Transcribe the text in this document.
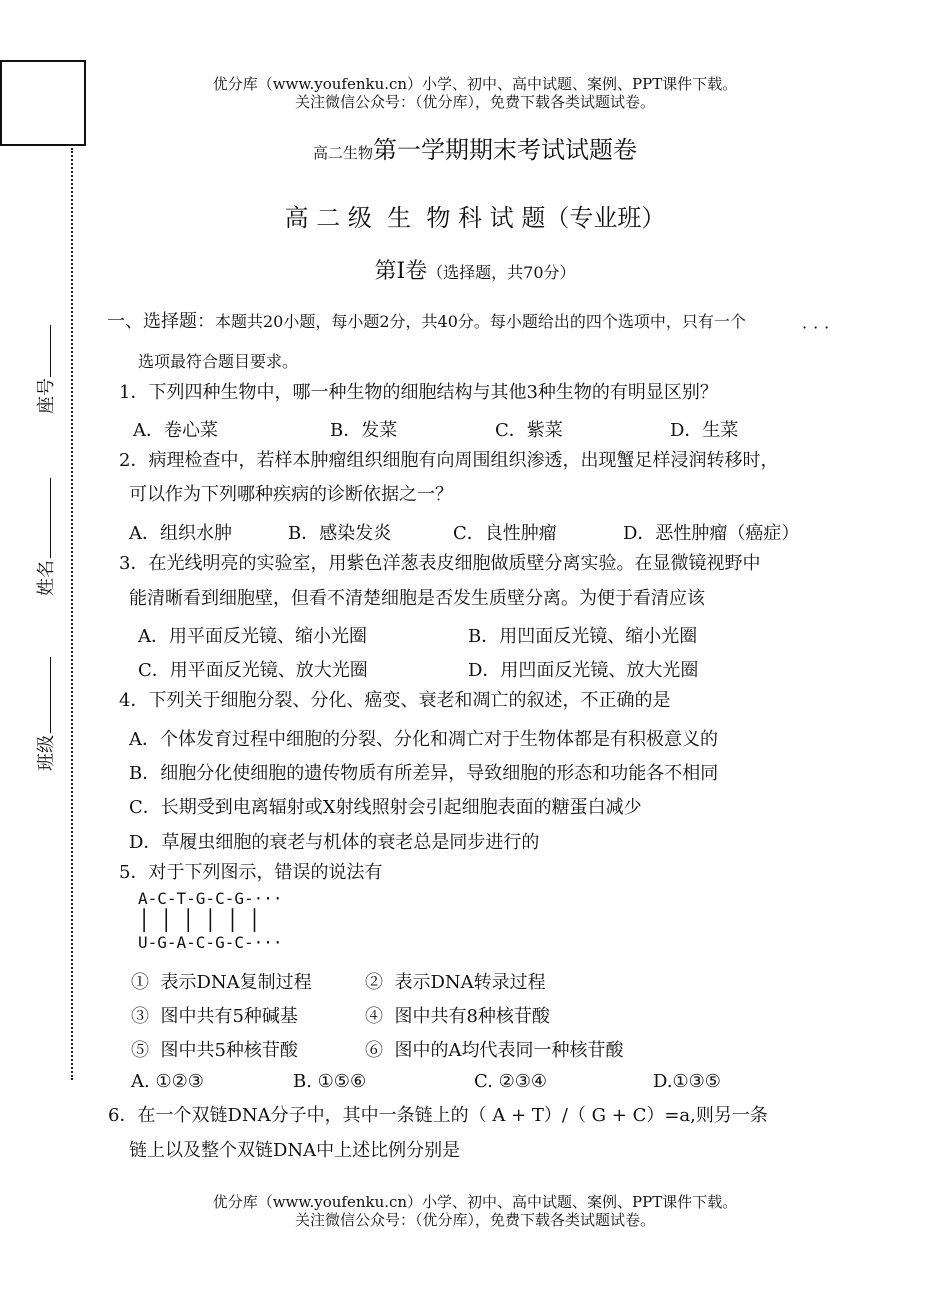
座号
姓名
班级
优分库（www.youfenku.cn）小学、初中、高中试题、案例、PPT课件下载。
关注微信公众号：（优分库），免费下载各类试题试卷。
高二生物第一学期期末考试试题卷
高 二 级  生  物 科 试 题（专业班）
第Ⅰ卷（选择题，共70分）
一、选择题：本题共20小题，每小题2分，共40分。每小题给出的四个选项中，只有一个	···
选项最符合题目要求。
1．下列四种生物中，哪一种生物的细胞结构与其他3种生物的有明显区别？
A．卷心菜	B．发菜	C．紫菜	D．生菜
2．病理检查中，若样本肿瘤组织细胞有向周围组织渗透，出现蟹足样浸润转移时，
可以作为下列哪种疾病的诊断依据之一？
A．组织水肿	B．感染发炎	C．良性肿瘤	D．恶性肿瘤（癌症）
3．在光线明亮的实验室，用紫色洋葱表皮细胞做质壁分离实验。在显微镜视野中
能清晰看到细胞壁，但看不清楚细胞是否发生质壁分离。为便于看清应该
A．用平面反光镜、缩小光圈	B．用凹面反光镜、缩小光圈
C．用平面反光镜、放大光圈	D．用凹面反光镜、放大光圈
4．下列关于细胞分裂、分化、癌变、衰老和凋亡的叙述，不正确的是
A．个体发育过程中细胞的分裂、分化和凋亡对于生物体都是有积极意义的
B．细胞分化使细胞的遗传物质有所差异，导致细胞的形态和功能各不相同
C．长期受到电离辐射或X射线照射会引起细胞表面的糖蛋白减少
D．草履虫细胞的衰老与机体的衰老总是同步进行的
5．对于下列图示，错误的说法有
A-C-T-G-C-G-···
│ │ │ │ │ │
U-G-A-C-G-C-···
①  表示DNA复制过程	②  表示DNA转录过程
③  图中共有5种碱基	④  图中共有8种核苷酸
⑤  图中共5种核苷酸	⑥  图中的A均代表同一种核苷酸
A. ①②③	B. ①⑤⑥	C. ②③④	D.①③⑤
6．在一个双链DNA分子中，其中一条链上的（ A + T）/（ G + C）=a,则另一条
链上以及整个双链DNA中上述比例分别是
优分库（www.youfenku.cn）小学、初中、高中试题、案例、PPT课件下载。
关注微信公众号：（优分库），免费下载各类试题试卷。
